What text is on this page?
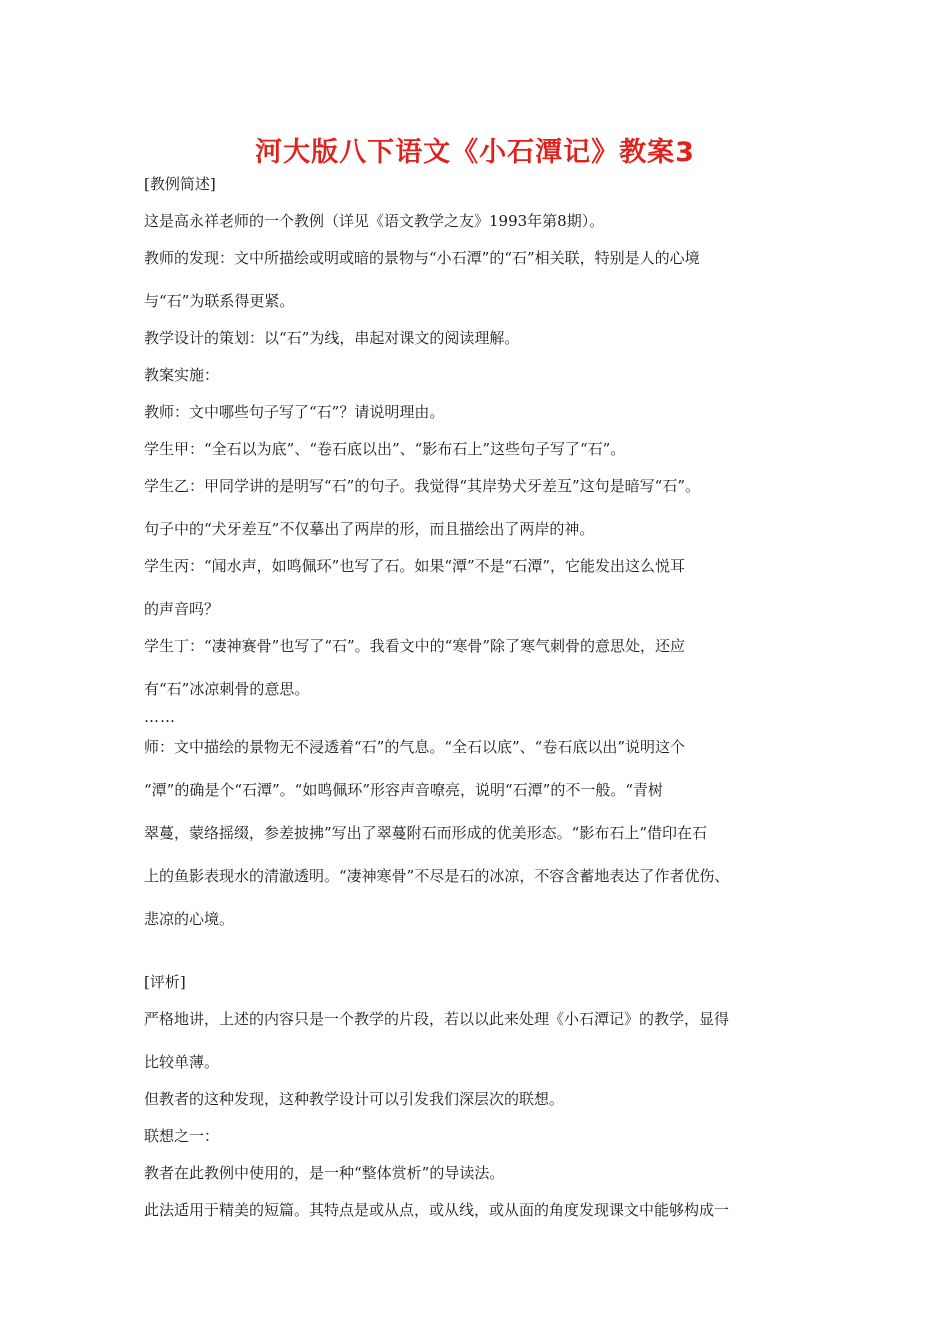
河大版八下语文《小石潭记》教案3

[教例简述]

这是高永祥老师的一个教例（详见《语文教学之友》1993年第8期）。

教师的发现：文中所描绘或明或暗的景物与“小石潭”的“石”相关联，特别是人的心境

与“石”为联系得更紧。

教学设计的策划：以“石”为线，串起对课文的阅读理解。

教案实施：

教师：文中哪些句子写了“石”？请说明理由。

学生甲：“全石以为底”、“卷石底以出”、“影布石上”这些句子写了“石”。

学生乙：甲同学讲的是明写“石”的句子。我觉得“其岸势犬牙差互”这句是暗写“石”。

句子中的“犬牙差互”不仅摹出了两岸的形，而且描绘出了两岸的神。

学生丙：“闻水声，如鸣佩环”也写了石。如果“潭”不是“石潭”，它能发出这么悦耳

的声音吗？

学生丁：“凄神赛骨”也写了“石”。我看文中的“寒骨”除了寒气刺骨的意思处，还应

有“石”冰凉刺骨的意思。

……

师：文中描绘的景物无不浸透着“石”的气息。“全石以底”、“卷石底以出”说明这个

“潭”的确是个“石潭”。“如鸣佩环”形容声音嘹亮，说明“石潭”的不一般。“青树

翠蔓，蒙络摇缀，参差披拂”写出了翠蔓附石而形成的优美形态。“影布石上”借印在石

上的鱼影表现水的清澈透明。“凄神寒骨”不尽是石的冰凉，不容含蓄地表达了作者优伤、

悲凉的心境。

[评析]

严格地讲，上述的内容只是一个教学的片段，若以以此来处理《小石潭记》的教学，显得

比较单薄。

但教者的这种发现，这种教学设计可以引发我们深层次的联想。

联想之一：

教者在此教例中使用的，是一种“整体赏析”的导读法。

此法适用于精美的短篇。其特点是或从点，或从线，或从面的角度发现课文中能够构成一
